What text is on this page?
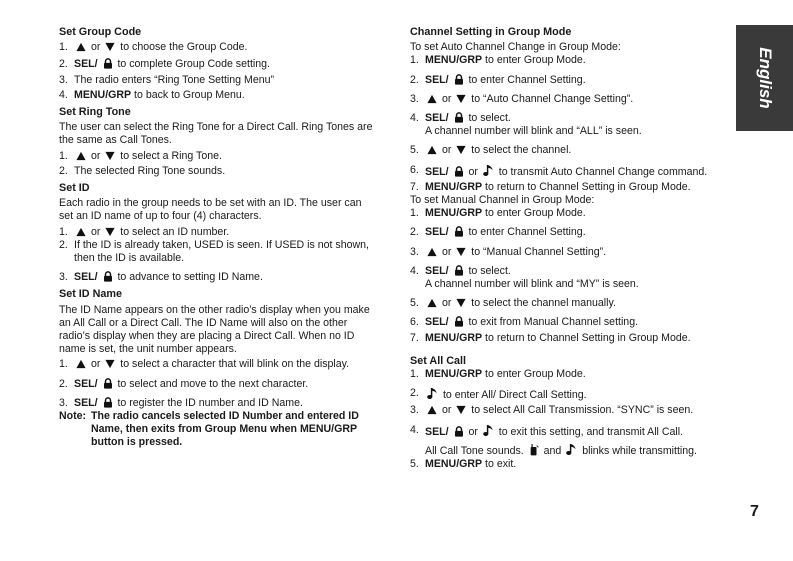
English
7
Set Group Code
1.	or  to choose the Group Code.
2. SEL/  to complete Group Code setting.
3. The radio enters “Ring Tone Setting Menu”
4. MENU/GRP to back to Group Menu.
Set Ring Tone
The user can select the Ring Tone for a Direct Call. Ring Tones are the same as Call Tones.
1.	or  to select a Ring Tone.
2. The selected Ring Tone sounds.
Set ID
Each radio in the group needs to be set with an ID. The user can set an ID name of up to four (4) characters.
1.	or  to select an ID number.
2. If the ID is already taken, USED is seen. If USED is not shown, then the ID is available.
3. SEL/  to advance to setting ID Name.
Set ID Name
The ID Name appears on the other radio’s display when you make an All Call or a Direct Call. The ID Name will also on the other radio’s display when they are placing a Direct Call. When no ID name is set, the unit number appears.
1.	or  to select a character that will blink on the display.
2. SEL/  to select and move to the next character.
3. SEL/  to register the ID number and ID Name.
Note: The radio cancels selected ID Number and entered ID Name, then exits from Group Menu when MENU/GRP button is pressed.
Channel Setting in Group Mode
To set Auto Channel Change in Group Mode:
1. MENU/GRP to enter Group Mode.
2. SEL/  to enter Channel Setting.
3.	or  to “Auto Channel Change Setting”.
4. SEL/  to select.
A channel number will blink and “ALL” is seen.
5.	or  to select the channel.
6. SEL/  or  to transmit Auto Channel Change command.
7. MENU/GRP to return to Channel Setting in Group Mode.
To set Manual Channel in Group Mode:
1. MENU/GRP to enter Group Mode.
2. SEL/  to enter Channel Setting.
3.	or  to “Manual Channel Setting”.
4. SEL/  to select.
A channel number will blink and “MY” is seen.
5.	or  to select the channel manually.
6. SEL/  to exit from Manual Channel setting.
7. MENU/GRP to return to Channel Setting in Group Mode.
Set All Call
1. MENU/GRP to enter Group Mode.
2.	to enter All/ Direct Call Setting.
3.	or  to select All Call Transmission. “SYNC” is seen.
4. SEL/  or  to exit this setting, and transmit All Call.
All Call Tone sounds.  and  blinks while transmitting.
5. MENU/GRP to exit.
